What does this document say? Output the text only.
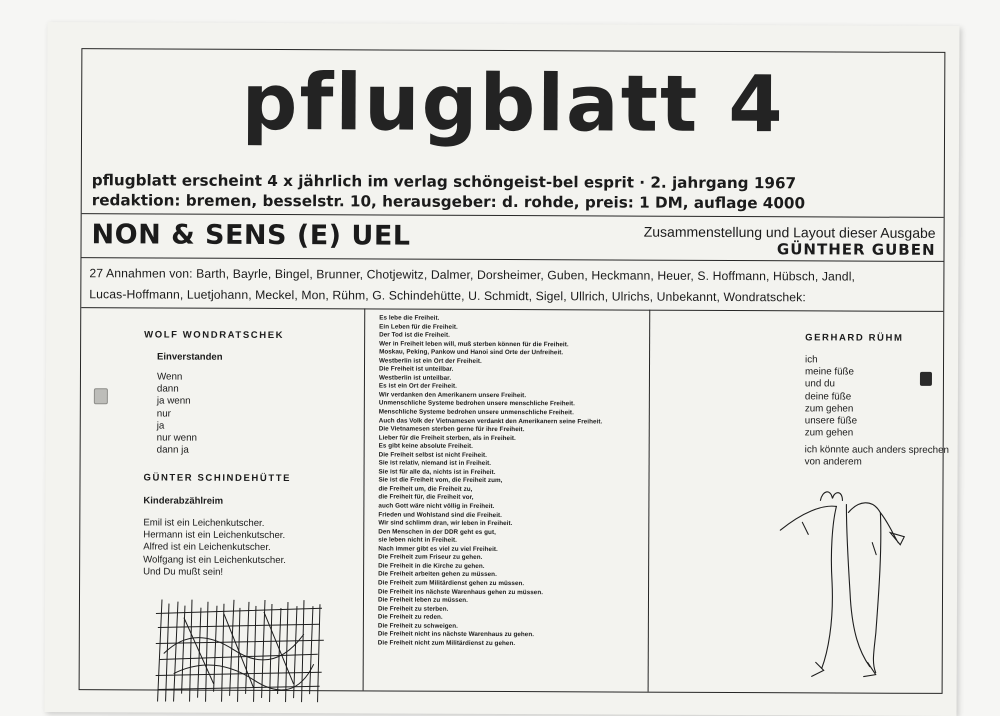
pflugblatt 4
pflugblatt erscheint 4 x jährlich im verlag schöngeist-bel esprit · 2. jahrgang 1967
redaktion: bremen, besselstr. 10, herausgeber: d. rohde, preis: 1 DM, auflage 4000
NON & SENS (E) UEL	Zusammenstellung und Layout dieser Ausgabe
GÜNTHER GUBEN
27 Annahmen von: Barth, Bayrle, Bingel, Brunner, Chotjewitz, Dalmer, Dorsheimer, Guben, Heckmann, Heuer, S. Hoffmann, Hübsch, Jandl,
Lucas-Hoffmann, Luetjohann, Meckel, Mon, Rühm, G. Schindehütte, U. Schmidt, Sigel, Ullrich, Ulrichs, Unbekannt, Wondratschek:
WOLF WONDRATSCHEK
Einverstanden
Wenn
dann
ja wenn
nur
ja
nur wenn
dann ja
GÜNTER SCHINDEHÜTTE
Kinderabzählreim
Emil ist ein Leichenkutscher.
Hermann ist ein Leichenkutscher.
Alfred ist ein Leichenkutscher.
Wolfgang ist ein Leichenkutscher.
Und Du mußt sein!
Es lebe die Freiheit.
Ein Leben für die Freiheit.
Der Tod ist die Freiheit.
Wer in Freiheit leben will, muß sterben können für die Freiheit.
Moskau, Peking, Pankow und Hanoi sind Orte der Unfreiheit.
Westberlin ist ein Ort der Freiheit.
Die Freiheit ist unteilbar.
Westberlin ist unteilbar.
Es ist ein Ort der Freiheit.
Wir verdanken den Amerikanern unsere Freiheit.
Unmenschliche Systeme bedrohen unsere menschliche Freiheit.
Menschliche Systeme bedrohen unsere unmenschliche Freiheit.
Auch das Volk der Vietnamesen verdankt den Amerikanern seine Freiheit.
Die Vietnamesen sterben gerne für ihre Freiheit.
Lieber für die Freiheit sterben, als in Freiheit.
Es gibt keine absolute Freiheit.
Die Freiheit selbst ist nicht Freiheit.
Sie ist relativ, niemand ist in Freiheit.
Sie ist für alle da, nichts ist in Freiheit.
Sie ist die Freiheit vom, die Freiheit zum,
die Freiheit um, die Freiheit zu,
die Freiheit für, die Freiheit vor,
auch Gott wäre nicht völlig in Freiheit.
Frieden und Wohlstand sind die Freiheit.
Wir sind schlimm dran, wir leben in Freiheit.
Den Menschen in der DDR geht es gut,
sie leben nicht in Freiheit.
Nach immer gibt es viel zu viel Freiheit.
Die Freiheit zum Friseur zu gehen.
Die Freiheit in die Kirche zu gehen.
Die Freiheit arbeiten gehen zu müssen.
Die Freiheit zum Militärdienst gehen zu müssen.
Die Freiheit ins nächste Warenhaus gehen zu müssen.
Die Freiheit leben zu müssen.
Die Freiheit zu sterben.
Die Freiheit zu reden.
Die Freiheit zu schweigen.
Die Freiheit nicht ins nächste Warenhaus zu gehen.
Die Freiheit nicht zum Militärdienst zu gehen.
GERHARD RÜHM
ich
meine füße
und du
deine füße
zum gehen
unsere füße
zum gehen
ich könnte auch anders sprechen
von anderem
